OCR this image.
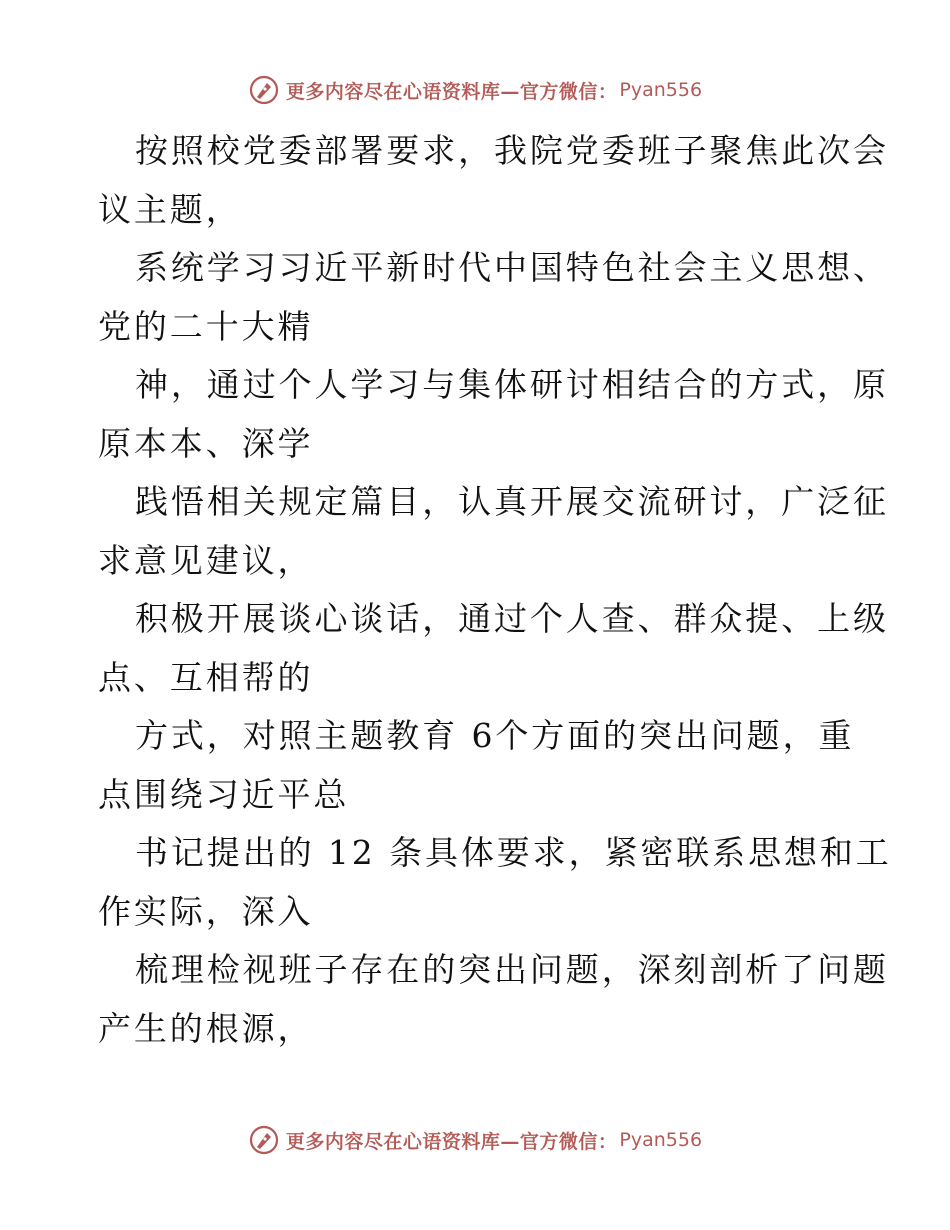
更多内容尽在心语资料库—官方微信： Pyan556
按照校党委部署要求，我院党委班子聚焦此次会
议主题，
系统学习习近平新时代中国特色社会主义思想、
党的二十大精
神，通过个人学习与集体研讨相结合的方式，原
原本本、深学
践悟相关规定篇目，认真开展交流研讨，广泛征
求意见建议，
积极开展谈心谈话，通过个人查、群众提、上级
点、互相帮的
方式，对照主题教育 6个方面的突出问题，重
点围绕习近平总
书记提出的 12 条具体要求，紧密联系思想和工
作实际，深入
梳理检视班子存在的突出问题，深刻剖析了问题
产生的根源，
更多内容尽在心语资料库—官方微信： Pyan556
